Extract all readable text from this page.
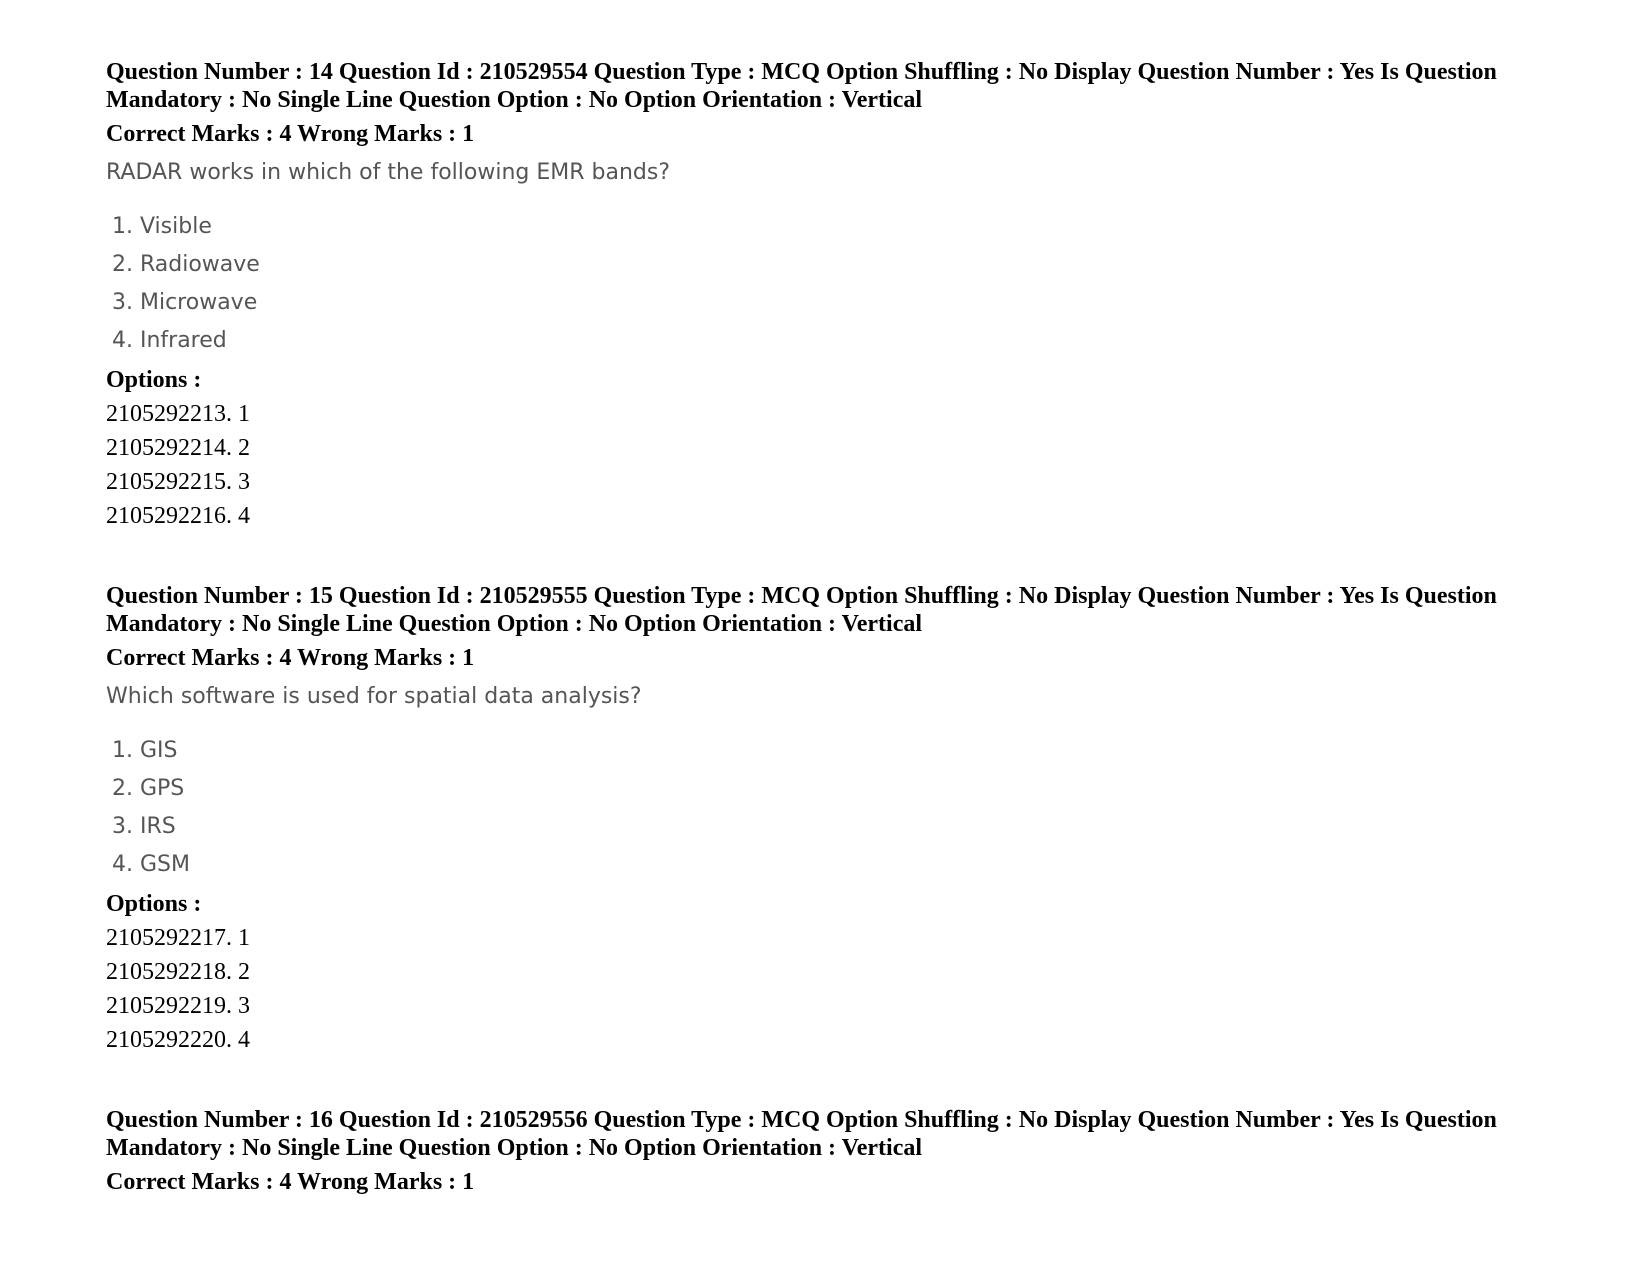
Question Number : 14 Question Id : 210529554 Question Type : MCQ Option Shuffling : No Display Question Number : Yes Is Question Mandatory : No Single Line Question Option : No Option Orientation : Vertical

Correct Marks : 4 Wrong Marks : 1
RADAR works in which of the following EMR bands?
1. Visible
2. Radiowave
3. Microwave
4. Infrared
Options :
2105292213. 1
2105292214. 2
2105292215. 3
2105292216. 4

Question Number : 15 Question Id : 210529555 Question Type : MCQ Option Shuffling : No Display Question Number : Yes Is Question Mandatory : No Single Line Question Option : No Option Orientation : Vertical

Correct Marks : 4 Wrong Marks : 1
Which software is used for spatial data analysis?
1. GIS
2. GPS
3. IRS
4. GSM
Options :
2105292217. 1
2105292218. 2
2105292219. 3
2105292220. 4

Question Number : 16 Question Id : 210529556 Question Type : MCQ Option Shuffling : No Display Question Number : Yes Is Question Mandatory : No Single Line Question Option : No Option Orientation : Vertical

Correct Marks : 4 Wrong Marks : 1
